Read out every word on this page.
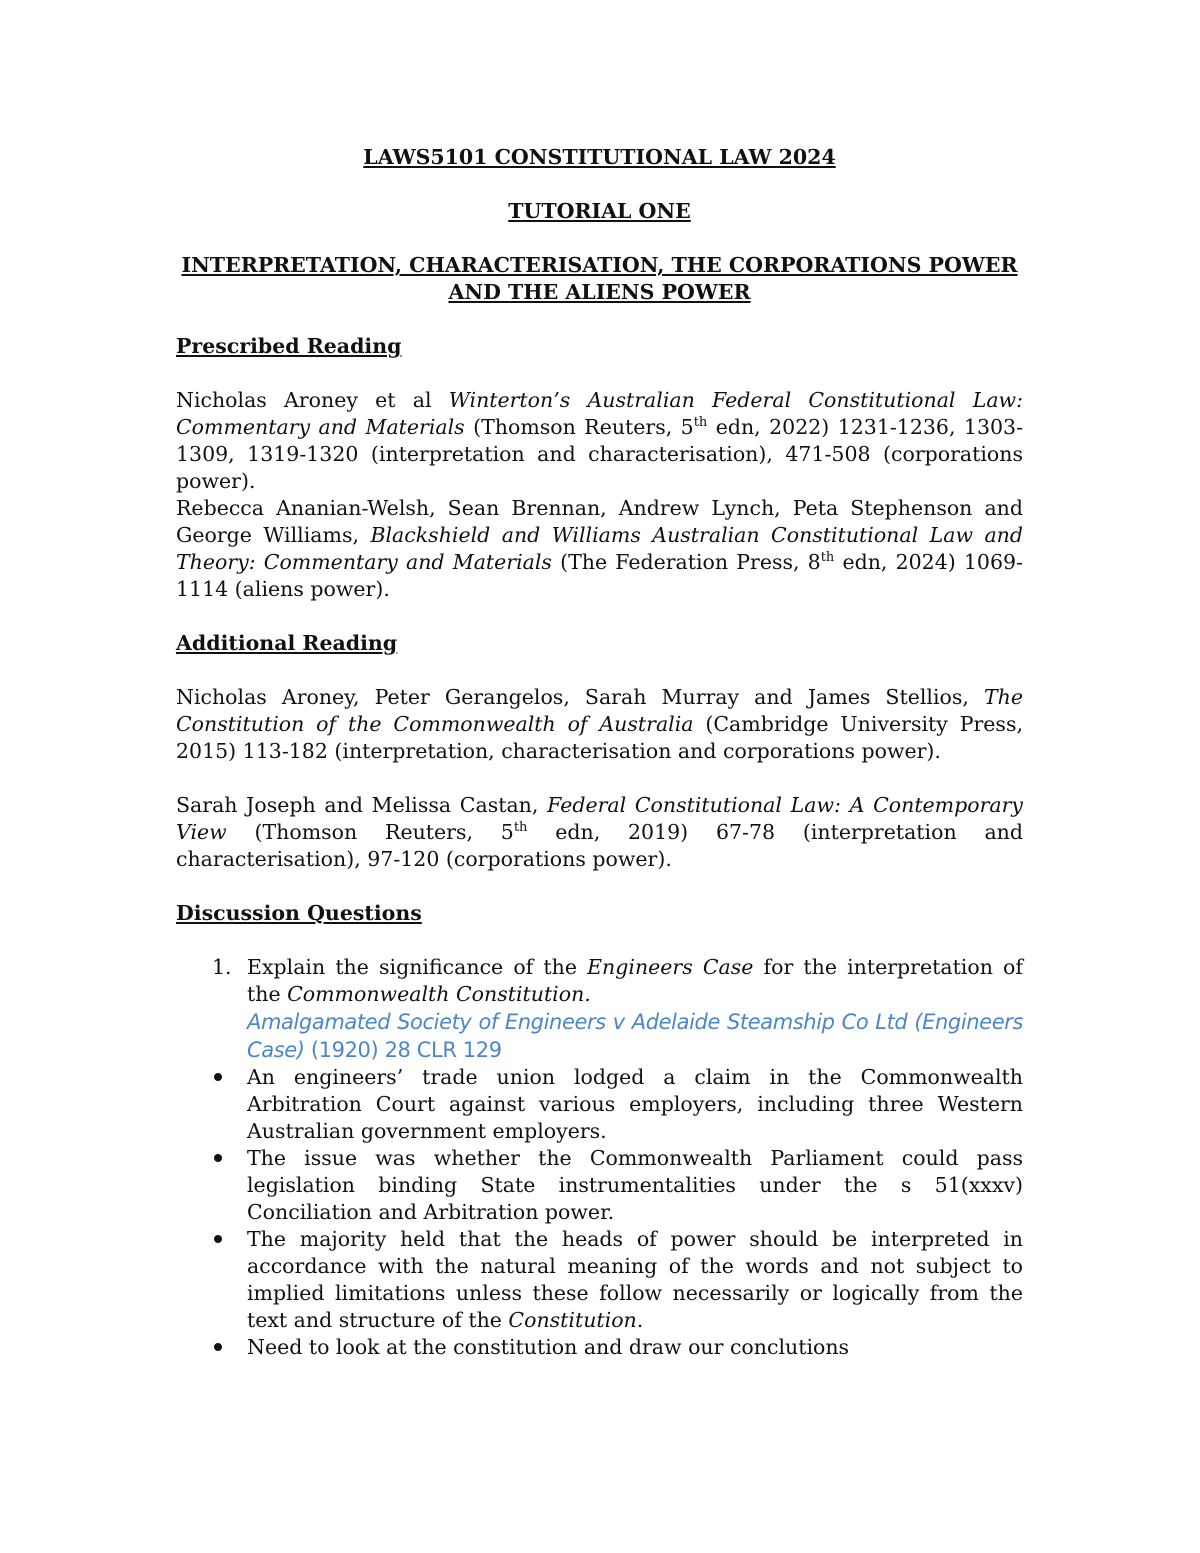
LAWS5101 CONSTITUTIONAL LAW 2024
TUTORIAL ONE
INTERPRETATION, CHARACTERISATION, THE CORPORATIONS POWER
AND THE ALIENS POWER
Prescribed Reading
Nicholas Aroney et al Winterton’s Australian Federal Constitutional Law: Commentary and Materials (Thomson Reuters, 5th edn, 2022) 1231-1236, 1303-1309, 1319-1320 (interpretation and characterisation), 471-508 (corporations power).
Rebecca Ananian-Welsh, Sean Brennan, Andrew Lynch, Peta Stephenson and George Williams, Blackshield and Williams Australian Constitutional Law and Theory: Commentary and Materials (The Federation Press, 8th edn, 2024) 1069-1114 (aliens power).
Additional Reading
Nicholas Aroney, Peter Gerangelos, Sarah Murray and James Stellios, The Constitution of the Commonwealth of Australia (Cambridge University Press, 2015) 113-182 (interpretation, characterisation and corporations power).
Sarah Joseph and Melissa Castan, Federal Constitutional Law: A Contemporary View (Thomson Reuters, 5th edn, 2019) 67-78 (interpretation and characterisation), 97-120 (corporations power).
Discussion Questions
1. Explain the significance of the Engineers Case for the interpretation of the Commonwealth Constitution.
Amalgamated Society of Engineers v Adelaide Steamship Co Ltd (Engineers Case) (1920) 28 CLR 129
An engineers’ trade union lodged a claim in the Commonwealth Arbitration Court against various employers, including three Western Australian government employers.
The issue was whether the Commonwealth Parliament could pass legislation binding State instrumentalities under the s 51(xxxv) Conciliation and Arbitration power.
The majority held that the heads of power should be interpreted in accordance with the natural meaning of the words and not subject to implied limitations unless these follow necessarily or logically from the text and structure of the Constitution.
Need to look at the constitution and draw our conclutions
